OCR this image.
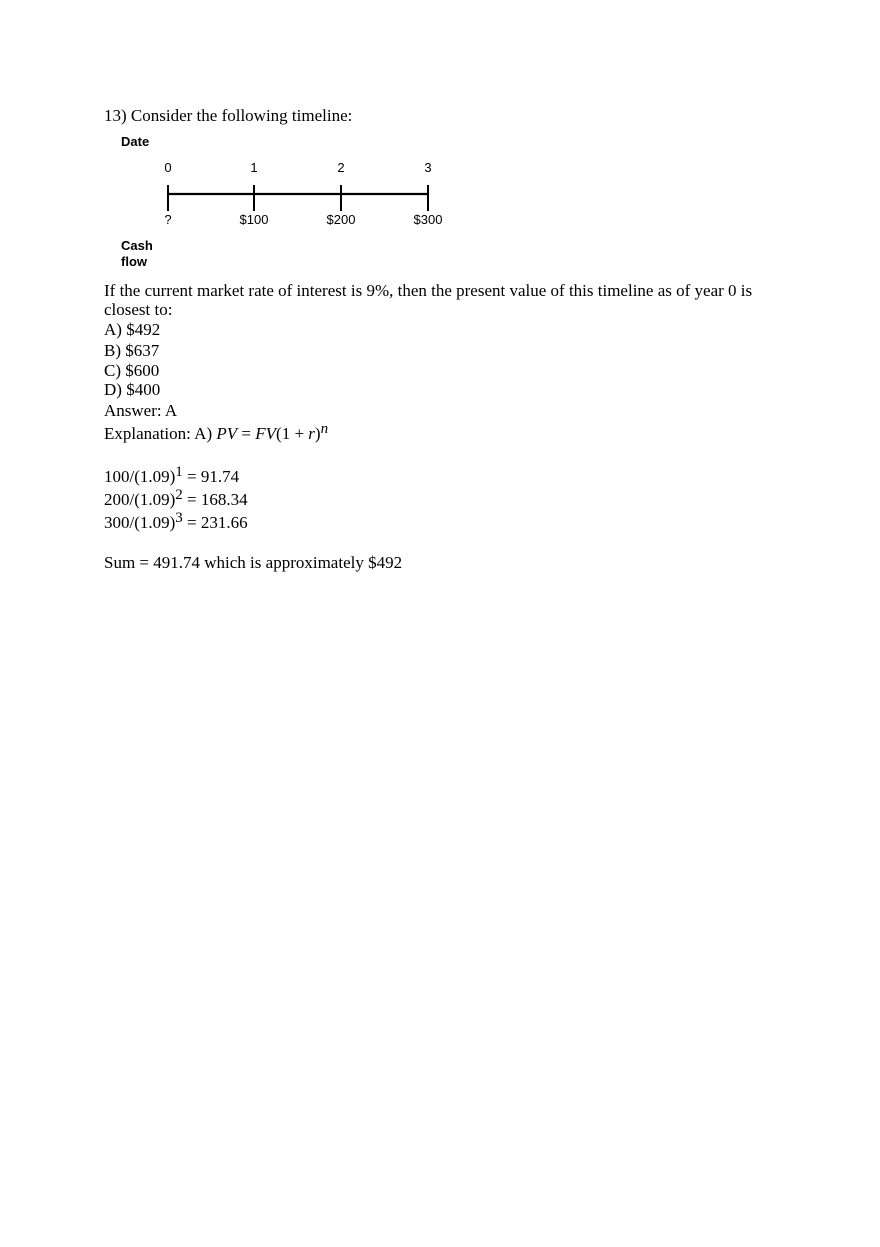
13) Consider the following timeline:
Date
0	1	2	3
?	$100	$200	$300
Cash
flow
If the current market rate of interest is 9%, then the present value of this timeline as of year 0 is
closest to:
A) $492
B) $637
C) $600
D) $400
Answer: A
Explanation: A) PV = FV(1 + r)n
100/(1.09)1 = 91.74
200/(1.09)2 = 168.34
300/(1.09)3 = 231.66
Sum = 491.74 which is approximately $492
